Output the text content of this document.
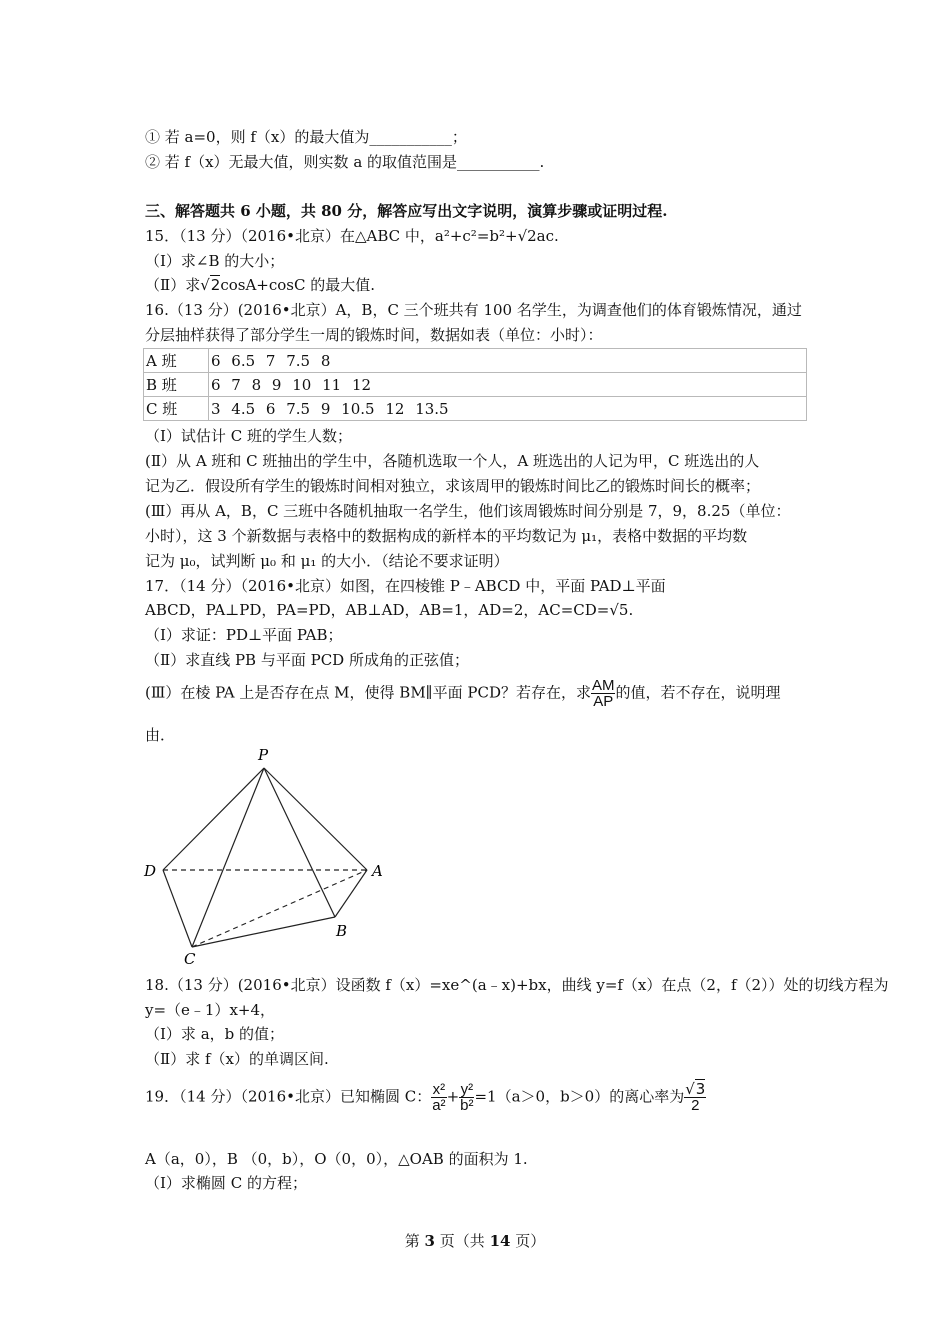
① 若 a=0，则 f（x）的最大值为___________；
② 若 f（x）无最大值，则实数 a 的取值范围是___________.
三、解答题共 6 小题，共 80 分，解答应写出文字说明，演算步骤或证明过程.
15．（13 分）（2016•北京）在△ABC 中，a²+c²=b²+√2ac.
（Ⅰ）求∠B 的大小；
（Ⅱ）求√2cosA+cosC 的最大值.
16.（13 分）(2016•北京）A，B，C 三个班共有 100 名学生，为调查他们的体育锻炼情况，通过
分层抽样获得了部分学生一周的锻炼时间，数据如表（单位：小时）：
A 班	6 6.5 7 7.5 8
B 班	6 7 8 9 10 11 12
C 班	3 4.5 6 7.5 9 10.5 12 13.5
（Ⅰ）试估计 C 班的学生人数；
(Ⅱ）从 A 班和 C 班抽出的学生中，各随机选取一个人，A 班选出的人记为甲，C 班选出的人
记为乙．假设所有学生的锻炼时间相对独立，求该周甲的锻炼时间比乙的锻炼时间长的概率；
(Ⅲ）再从 A，B，C 三班中各随机抽取一名学生，他们该周锻炼时间分别是 7，9，8.25（单位：
小时），这 3 个新数据与表格中的数据构成的新样本的平均数记为 μ₁，表格中数据的平均数
记为 μ₀，试判断 μ₀ 和 μ₁ 的大小．（结论不要求证明）
17．（14 分）（2016•北京）如图，在四棱锥 P﹣ABCD 中，平面 PAD⊥平面
ABCD，PA⊥PD，PA=PD，AB⊥AD，AB=1，AD=2，AC=CD=√5.
（Ⅰ）求证：PD⊥平面 PAB；
（Ⅱ）求直线 PB 与平面 PCD 所成角的正弦值；
(Ⅲ）在棱 PA 上是否存在点 M，使得 BM∥平面 PCD？若存在，求 $\frac{AM}{AP}$ 的值，若不存在，说明理
由．
P
A
B
C
D
18.（13 分）(2016•北京）设函数 f（x）=xe^(a﹣x)+bx，曲线 y=f（x）在点（2，f（2））处的切线方程为
y=（e﹣1）x+4，
（Ⅰ）求 a，b 的值；
（Ⅱ）求 f（x）的单调区间.
19．（14 分）（2016•北京）已知椭圆 C： $\frac{\text{x²}}{\text{a²}} + \frac{\text{y²}}{\text{b²}} =1(a>0$，b＞0）的离心率为 $\frac{√3}{2}$
A（a，0），B （0，b），O（0，0），△OAB 的面积为 1.
（Ⅰ）求椭圆 C 的方程；
第 3 页（共 14 页）
